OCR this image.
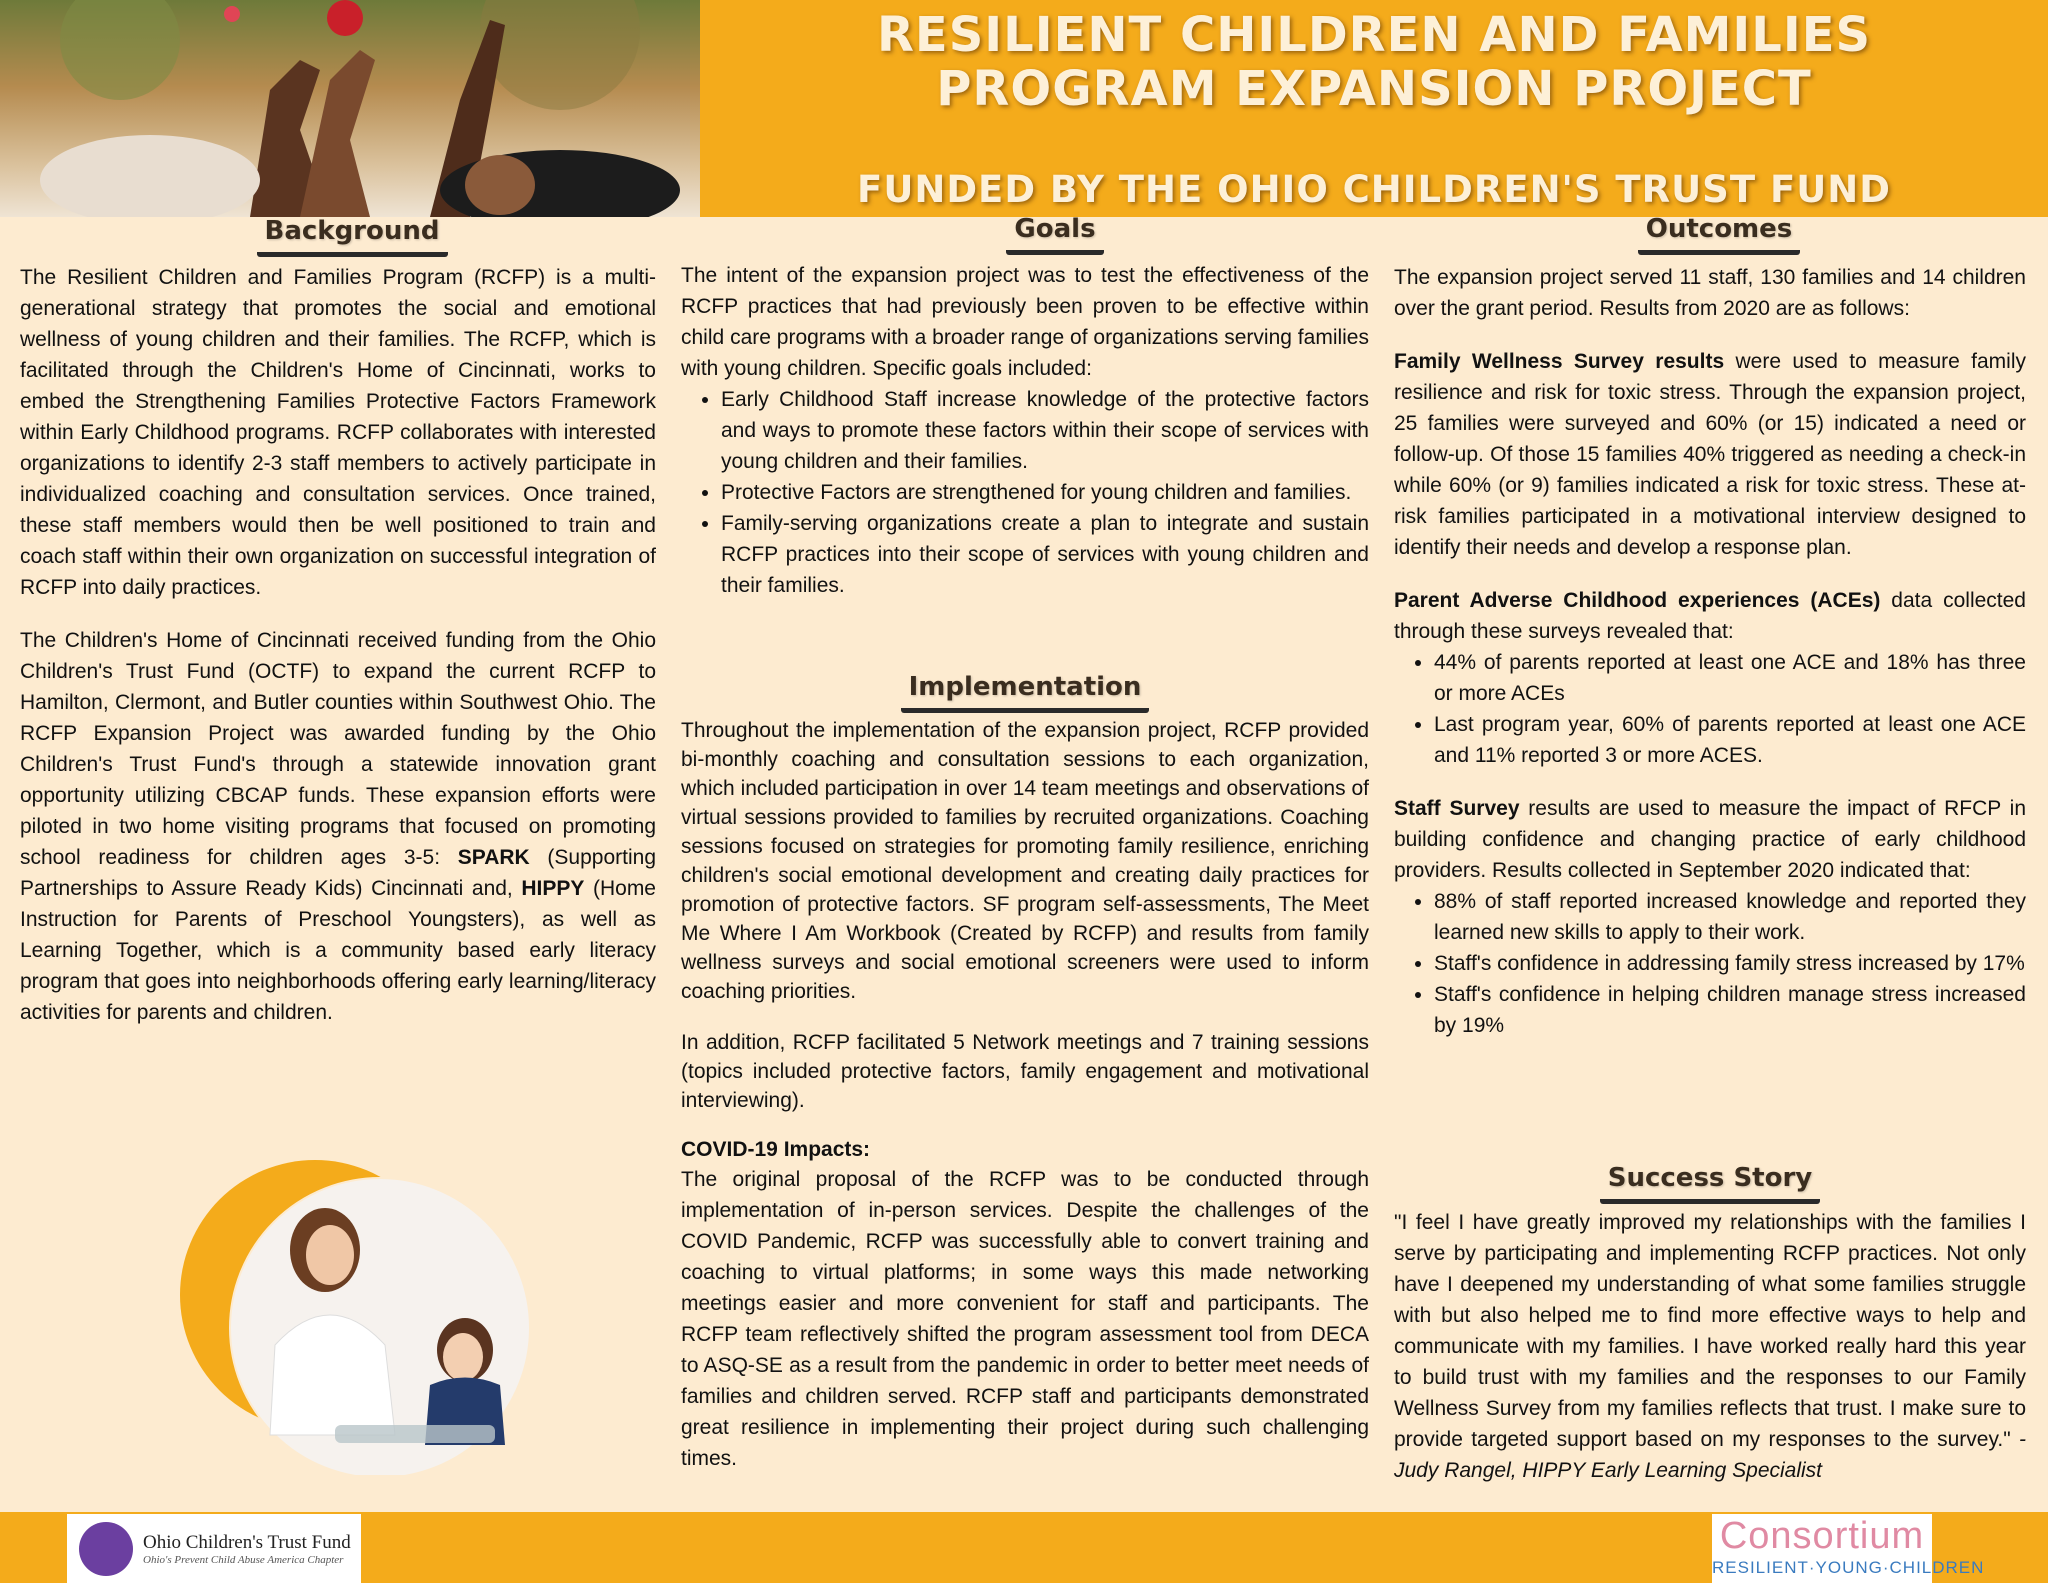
RESILIENT CHILDREN AND FAMILIES
PROGRAM EXPANSION PROJECT
FUNDED BY THE OHIO CHILDREN'S TRUST FUND
Background

The Resilient Children and Families Program (RCFP) is a multi-generational strategy that promotes the social and emotional wellness of young children and their families. The RCFP, which is facilitated through the Children's Home of Cincinnati, works to embed the Strengthening Families Protective Factors Framework within Early Childhood programs. RCFP collaborates with interested organizations to identify 2-3 staff members to actively participate in individualized coaching and consultation services. Once trained, these staff members would then be well positioned to train and coach staff within their own organization on successful integration of RCFP into daily practices.

The Children's Home of Cincinnati received funding from the Ohio Children's Trust Fund (OCTF) to expand the current RCFP to Hamilton, Clermont, and Butler counties within Southwest Ohio. The RCFP Expansion Project was awarded funding by the Ohio Children's Trust Fund's through a statewide innovation grant opportunity utilizing CBCAP funds. These expansion efforts were piloted in two home visiting programs that focused on promoting school readiness for children ages 3-5: SPARK (Supporting Partnerships to Assure Ready Kids) Cincinnati and, HIPPY (Home Instruction for Parents of Preschool Youngsters), as well as Learning Together, which is a community based early literacy program that goes into neighborhoods offering early learning/literacy activities for parents and children.

Goals

The intent of the expansion project was to test the effectiveness of the RCFP practices that had previously been proven to be effective within child care programs with a broader range of organizations serving families with young children. Specific goals included:

• Early Childhood Staff increase knowledge of the protective factors and ways to promote these factors within their scope of services with young children and their families.
• Protective Factors are strengthened for young children and families.
• Family-serving organizations create a plan to integrate and sustain RCFP practices into their scope of services with young children and their families.
Implementation

Throughout the implementation of the expansion project, RCFP provided bi-monthly coaching and consultation sessions to each organization, which included participation in over 14 team meetings and observations of virtual sessions provided to families by recruited organizations. Coaching sessions focused on strategies for promoting family resilience, enriching children's social emotional development and creating daily practices for promotion of protective factors. SF program self-assessments, The Meet Me Where I Am Workbook (Created by RCFP) and results from family wellness surveys and social emotional screeners were used to inform coaching priorities.

In addition, RCFP facilitated 5 Network meetings and 7 training sessions (topics included protective factors, family engagement and motivational interviewing).

COVID-19 Impacts:

The original proposal of the RCFP was to be conducted through implementation of in-person services. Despite the challenges of the COVID Pandemic, RCFP was successfully able to convert training and coaching to virtual platforms; in some ways this made networking meetings easier and more convenient for staff and participants. The RCFP team reflectively shifted the program assessment tool from DECA to ASQ-SE as a result from the pandemic in order to better meet needs of families and children served. RCFP staff and participants demonstrated great resilience in implementing their project during such challenging times.

Outcomes

The expansion project served 11 staff, 130 families and 14 children over the grant period. Results from 2020 are as follows:

Family Wellness Survey results were used to measure family resilience and risk for toxic stress. Through the expansion project, 25 families were surveyed and 60% (or 15) indicated a need or follow-up. Of those 15 families 40% triggered as needing a check-in while 60% (or 9) families indicated a risk for toxic stress. These at-risk families participated in a motivational interview designed to identify their needs and develop a response plan.

Parent Adverse Childhood experiences (ACEs) data collected through these surveys revealed that:

• 44% of parents reported at least one ACE and 18% has three or more ACEs
• Last program year, 60% of parents reported at least one ACE and 11% reported 3 or more ACES.

Staff Survey results are used to measure the impact of RFCP in building confidence and changing practice of early childhood providers. Results collected in September 2020 indicated that:

• 88% of staff reported increased knowledge and reported they learned new skills to apply to their work.
• Staff's confidence in addressing family stress increased by 17%
• Staff's confidence in helping children manage stress increased by 19%
Success Story

"I feel I have greatly improved my relationships with the families I serve by participating and implementing RCFP practices. Not only have I deepened my understanding of what some families struggle with but also helped me to find more effective ways to help and communicate with my families. I have worked really hard this year to build trust with my families and the responses to our Family Wellness Survey from my families reflects that trust. I make sure to provide targeted support based on my responses to the survey." - Judy Rangel, HIPPY Early Learning Specialist

Ohio Children's Trust Fund
Ohio's Prevent Child Abuse America Chapter
Consortium
RESILIENT·YOUNG·CHILDREN
